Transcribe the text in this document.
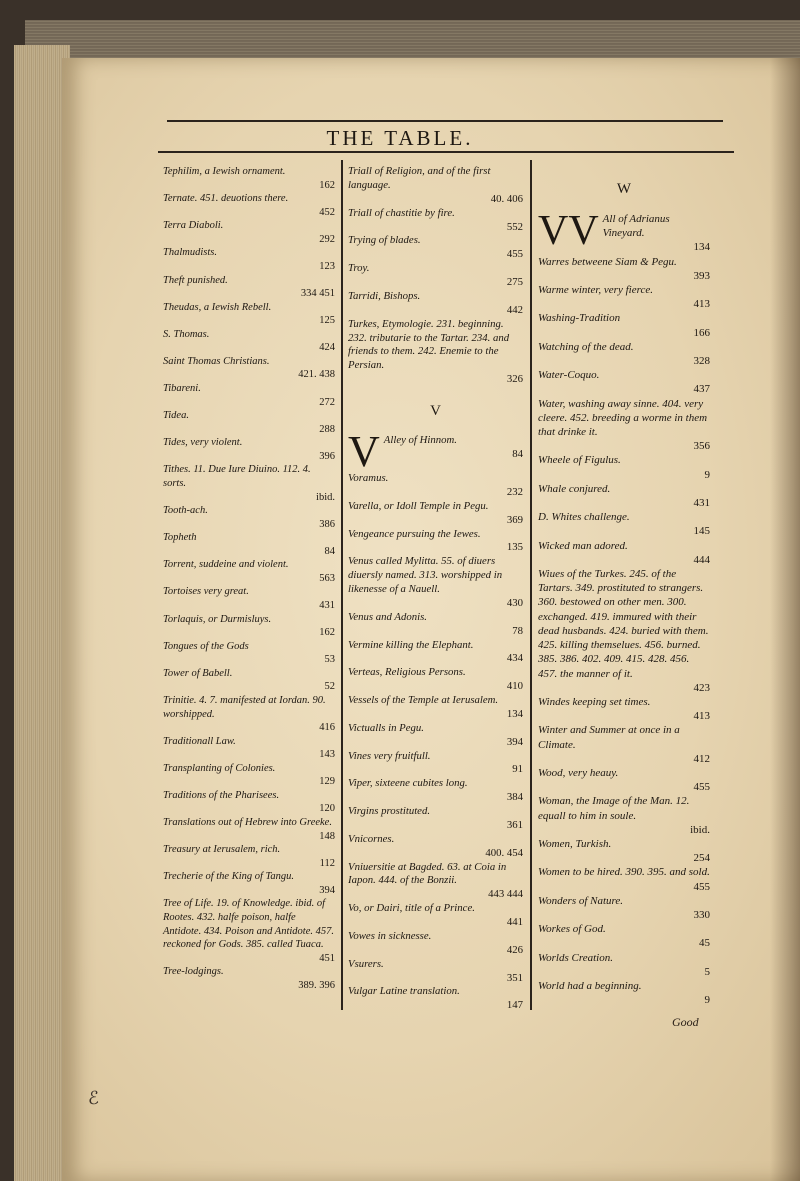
THE TABLE.
Tephilim, a Iewish ornament.
162
Ternate. 451. deuotions there.
452
Terra Diaboli.
292
Thalmudists.
123
Theft punished.
334 451
Theudas, a Iewish Rebell.
125
S. Thomas.
424
Saint Thomas Christians.
421. 438
Tibareni.
272
Tidea.
288
Tides, very violent.
396
Tithes. 11. Due Iure Diuino. 112. 4. sorts.
ibid.
Tooth-ach.
386
Topheth
84
Torrent, suddeine and violent.
563
Tortoises very great.
431
Torlaquis, or Durmisluys.
162
Tongues of the Gods
53
Tower of Babell.
52
Trinitie. 4. 7. manifested at Iordan. 90. worshipped.
416
Traditionall Law.
143
Transplanting of Colonies.
129
Traditions of the Pharisees.
120
Translations out of Hebrew into Greeke.
148
Treasury at Ierusalem, rich.
112
Trecherie of the King of Tangu.
394
Tree of Life. 19. of Knowledge. ibid. of Rootes. 432. halfe poison, halfe Antidote. 434. Poison and Antidote. 457. reckoned for Gods. 385. called Tuaca.
451
Tree-lodgings.
389. 396
Triall of Religion, and of the first language.
40. 406
Triall of chastitie by fire.
552
Trying of blades.
455
Troy.
275
Tarridi, Bishops.
442
Turkes, Etymologie. 231. beginning. 232. tributarie to the Tartar. 234. and friends to them. 242. Enemie to the Persian.
326
V
V Alley of Hinnom.
84
Voramus.
232
Varella, or Idoll Temple in Pegu.
369
Vengeance pursuing the Iewes.
135
Venus called Mylitta. 55. of diuers diuersly named. 313. worshipped in likenesse of a Nauell.
430
Venus and Adonis.
78
Vermine killing the Elephant.
434
Verteas, Religious Persons.
410
Vessels of the Temple at Ierusalem.
134
Victualls in Pegu.
394
Vines very fruitfull.
91
Viper, sixteene cubites long.
384
Virgins prostituted.
361
Vnicornes.
400. 454
Vniuersitie at Bagded. 63. at Coia in Iapon. 444. of the Bonzii.
443 444
Vo, or Dairi, title of a Prince.
441
Vowes in sicknesse.
426
Vsurers.
351
Vulgar Latine translation.
147
W
VV All of Adrianus Vineyard.
134
Warres betweene Siam & Pegu.
393
Warme winter, very fierce.
413
Washing-Tradition
166
Watching of the dead.
328
Water-Coquo.
437
Water, washing away sinne. 404. very cleere. 452. breeding a worme in them that drinke it.
356
Wheele of Figulus.
9
Whale conjured.
431
D. Whites challenge.
145
Wicked man adored.
444
Wiues of the Turkes. 245. of the Tartars. 349. prostituted to strangers. 360. bestowed on other men. 300. exchanged. 419. immured with their dead husbands. 424. buried with them. 425. killing themselues. 456. burned. 385. 386. 402. 409. 415. 428. 456. 457. the manner of it.
423
Windes keeping set times.
413
Winter and Summer at once in a Climate.
412
Wood, very heauy.
455
Woman, the Image of the Man. 12. equall to him in soule.
ibid.
Women, Turkish.
254
Women to be hired. 390. 395. and sold.
455
Wonders of Nature.
330
Workes of God.
45
Worlds Creation.
5
World had a beginning.
9
Good
ℰ
